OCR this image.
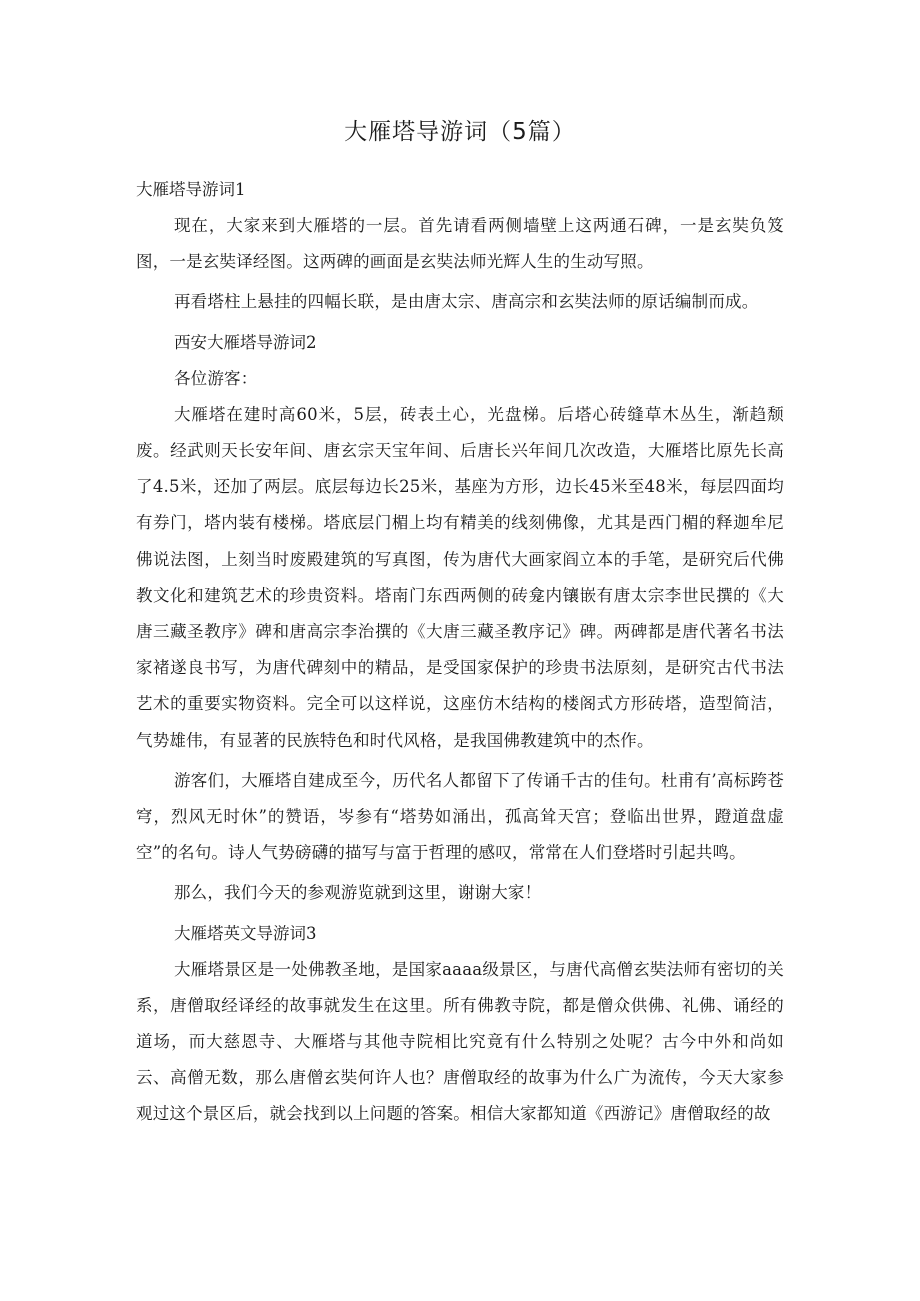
大雁塔导游词（5篇）

大雁塔导游词1

现在，大家来到大雁塔的一层。首先请看两侧墙壁上这两通石碑，一是玄奘负笈图，一是玄奘译经图。这两碑的画面是玄奘法师光辉人生的生动写照。

再看塔柱上悬挂的四幅长联，是由唐太宗、唐高宗和玄奘法师的原话编制而成。

西安大雁塔导游词2

各位游客：

大雁塔在建时高60米，5层，砖表土心，光盘梯。后塔心砖缝草木丛生，渐趋颓废。经武则天长安年间、唐玄宗天宝年间、后唐长兴年间几次改造，大雁塔比原先长高了4.5米，还加了两层。底层每边长25米，基座为方形，边长45米至48米，每层四面均有券门，塔内装有楼梯。塔底层门楣上均有精美的线刻佛像，尤其是西门楣的释迦牟尼佛说法图，上刻当时废殿建筑的写真图，传为唐代大画家阎立本的手笔，是研究后代佛教文化和建筑艺术的珍贵资料。塔南门东西两侧的砖龛内镶嵌有唐太宗李世民撰的《大唐三藏圣教序》碑和唐高宗李治撰的《大唐三藏圣教序记》碑。两碑都是唐代著名书法家褚遂良书写，为唐代碑刻中的精品，是受国家保护的珍贵书法原刻，是研究古代书法艺术的重要实物资料。完全可以这样说，这座仿木结构的楼阁式方形砖塔，造型简洁，气势雄伟，有显著的民族特色和时代风格，是我国佛教建筑中的杰作。

游客们，大雁塔自建成至今，历代名人都留下了传诵千古的佳句。杜甫有’高标跨苍穹，烈风无时休”的赞语，岑参有“塔势如涌出，孤高耸天宫；登临出世界，蹬道盘虚空”的名句。诗人气势磅礴的描写与富于哲理的感叹，常常在人们登塔时引起共鸣。

那么，我们今天的参观游览就到这里，谢谢大家！

大雁塔英文导游词3

大雁塔景区是一处佛教圣地，是国家aaaa级景区，与唐代高僧玄奘法师有密切的关系，唐僧取经译经的故事就发生在这里。所有佛教寺院，都是僧众供佛、礼佛、诵经的道场，而大慈恩寺、大雁塔与其他寺院相比究竟有什么特别之处呢？古今中外和尚如云、高僧无数，那么唐僧玄奘何许人也？唐僧取经的故事为什么广为流传，今天大家参观过这个景区后，就会找到以上问题的答案。相信大家都知道《西游记》唐僧取经的故
